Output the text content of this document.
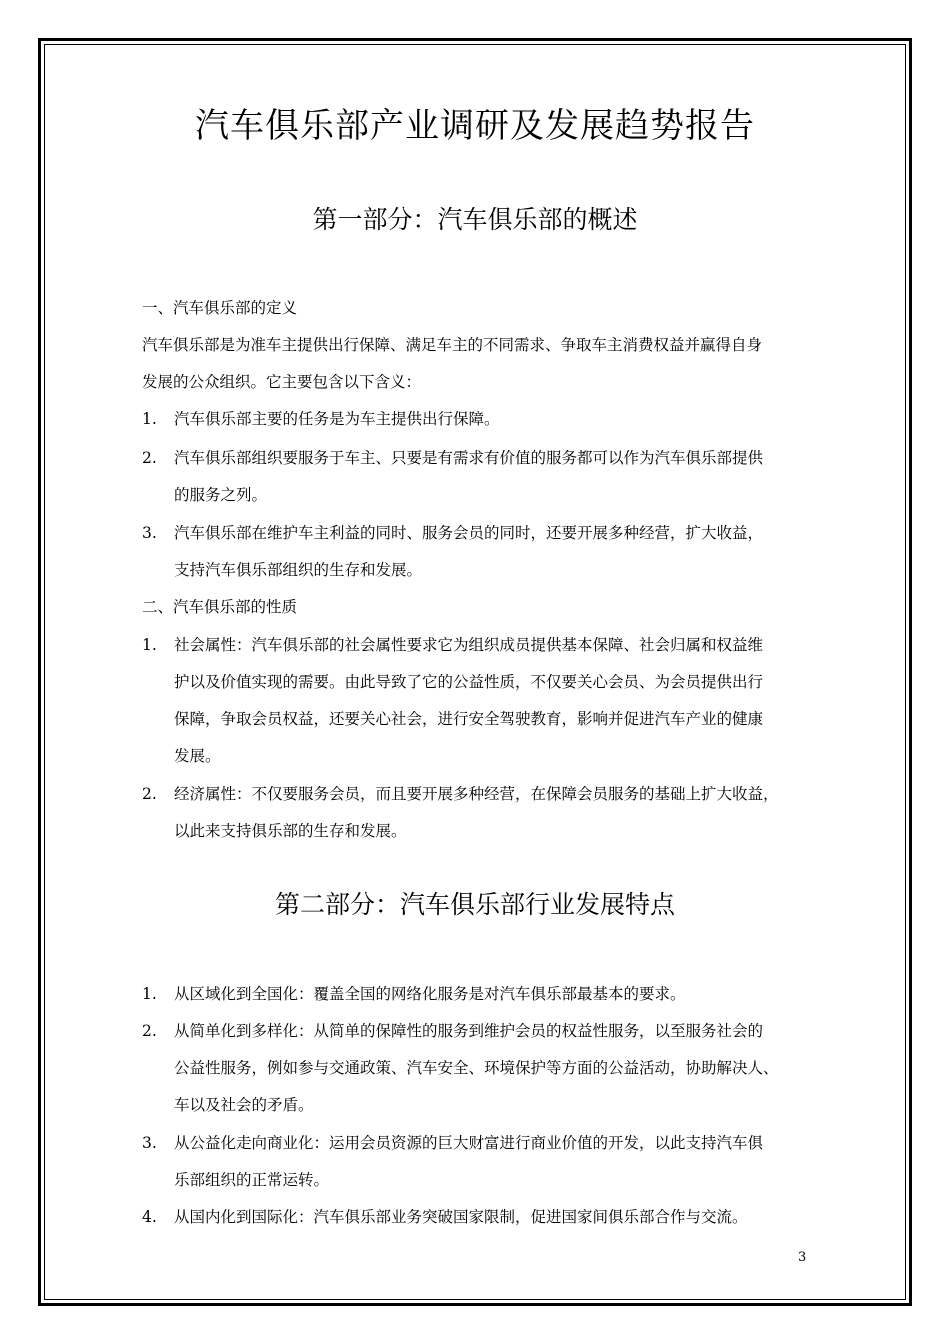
汽车俱乐部产业调研及发展趋势报告
第一部分：汽车俱乐部的概述
一、汽车俱乐部的定义
汽车俱乐部是为准车主提供出行保障、满足车主的不同需求、争取车主消费权益并赢得自身
发展的公众组织。它主要包含以下含义：
1. 汽车俱乐部主要的任务是为车主提供出行保障。
2. 汽车俱乐部组织要服务于车主、只要是有需求有价值的服务都可以作为汽车俱乐部提供
的服务之列。
3. 汽车俱乐部在维护车主利益的同时、服务会员的同时，还要开展多种经营，扩大收益，
支持汽车俱乐部组织的生存和发展。
二、汽车俱乐部的性质
1. 社会属性：汽车俱乐部的社会属性要求它为组织成员提供基本保障、社会归属和权益维
护以及价值实现的需要。由此导致了它的公益性质，不仅要关心会员、为会员提供出行
保障，争取会员权益，还要关心社会，进行安全驾驶教育，影响并促进汽车产业的健康
发展。
2. 经济属性：不仅要服务会员，而且要开展多种经营，在保障会员服务的基础上扩大收益，
以此来支持俱乐部的生存和发展。
第二部分：汽车俱乐部行业发展特点
1. 从区域化到全国化：覆盖全国的网络化服务是对汽车俱乐部最基本的要求。
2. 从简单化到多样化：从简单的保障性的服务到维护会员的权益性服务，以至服务社会的
公益性服务，例如参与交通政策、汽车安全、环境保护等方面的公益活动，协助解决人、
车以及社会的矛盾。
3. 从公益化走向商业化：运用会员资源的巨大财富进行商业价值的开发，以此支持汽车俱
乐部组织的正常运转。
4. 从国内化到国际化：汽车俱乐部业务突破国家限制，促进国家间俱乐部合作与交流。
3
